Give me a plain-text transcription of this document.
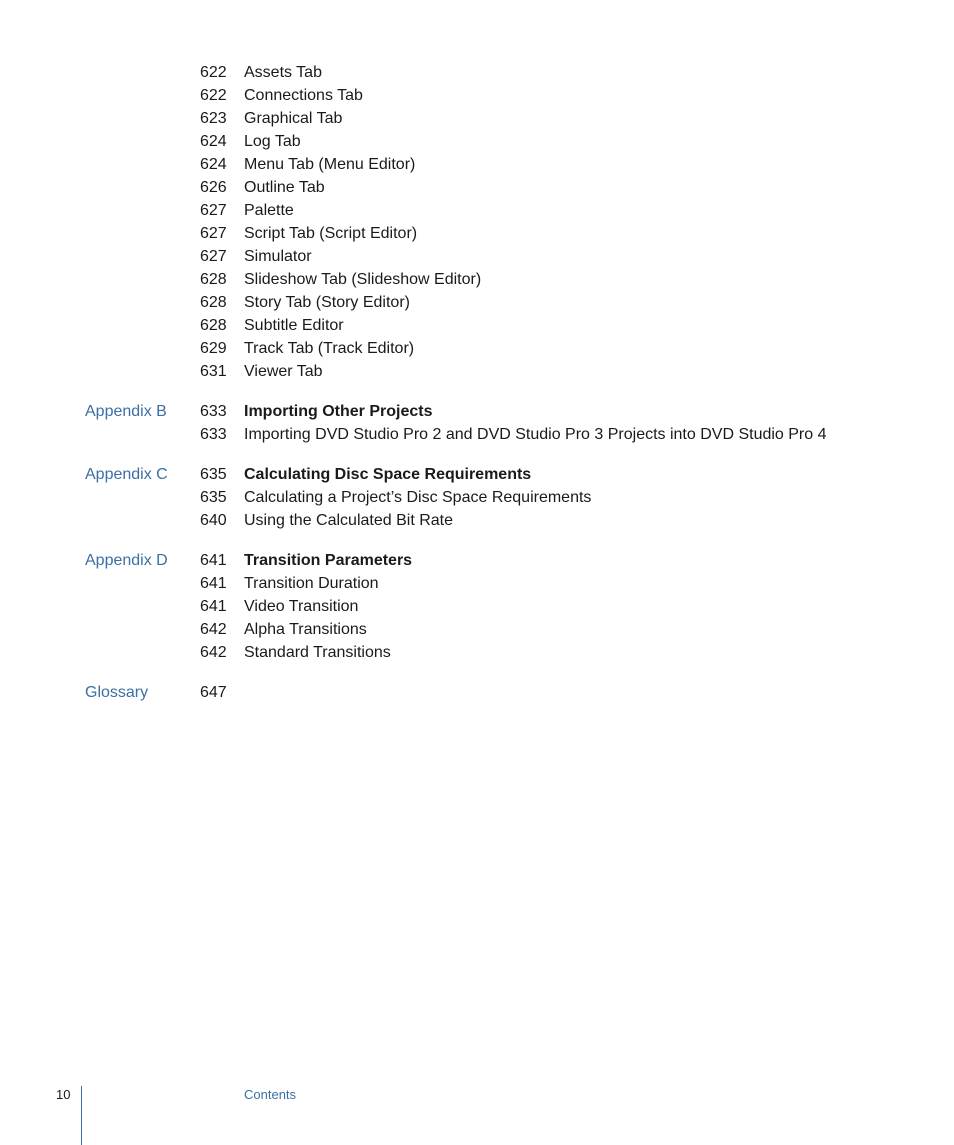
622 Assets Tab
622 Connections Tab
623 Graphical Tab
624 Log Tab
624 Menu Tab (Menu Editor)
626 Outline Tab
627 Palette
627 Script Tab (Script Editor)
627 Simulator
628 Slideshow Tab (Slideshow Editor)
628 Story Tab (Story Editor)
628 Subtitle Editor
629 Track Tab (Track Editor)
631 Viewer Tab
Appendix B 633 Importing Other Projects
633 Importing DVD Studio Pro 2 and DVD Studio Pro 3 Projects into DVD Studio Pro 4
Appendix C 635 Calculating Disc Space Requirements
635 Calculating a Project’s Disc Space Requirements
640 Using the Calculated Bit Rate
Appendix D 641 Transition Parameters
641 Transition Duration
641 Video Transition
642 Alpha Transitions
642 Standard Transitions
Glossary	647
10	Contents
